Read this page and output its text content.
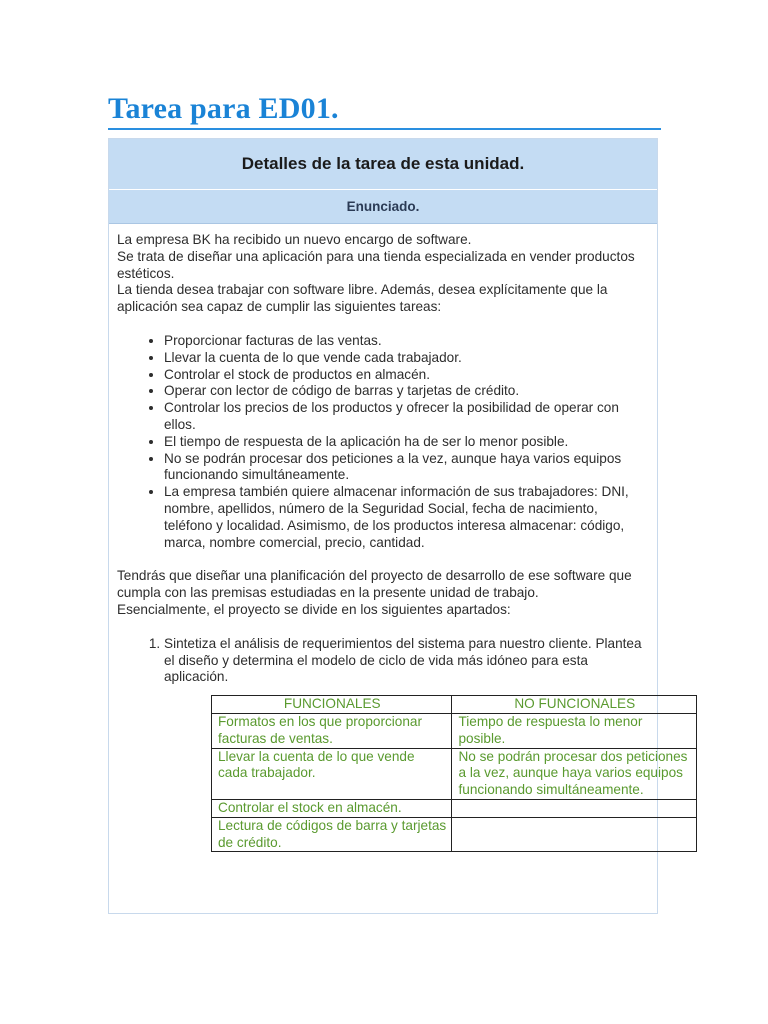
Tarea para ED01.
Detalles de la tarea de esta unidad.
Enunciado.

La empresa BK ha recibido un nuevo encargo de software.

Se trata de diseñar una aplicación para una tienda especializada en vender productos estéticos.

La tienda desea trabajar con software libre. Además, desea explícitamente que la aplicación sea capaz de cumplir las siguientes tareas:

• Proporcionar facturas de las ventas.
• Llevar la cuenta de lo que vende cada trabajador.
• Controlar el stock de productos en almacén.
• Operar con lector de código de barras y tarjetas de crédito.
• Controlar los precios de los productos y ofrecer la posibilidad de operar con ellos.
• El tiempo de respuesta de la aplicación ha de ser lo menor posible.
• No se podrán procesar dos peticiones a la vez, aunque haya varios equipos funcionando simultáneamente.
• La empresa también quiere almacenar información de sus trabajadores: DNI, nombre, apellidos, número de la Seguridad Social, fecha de nacimiento, teléfono y localidad. Asimismo, de los productos interesa almacenar: código, marca, nombre comercial, precio, cantidad.

Tendrás que diseñar una planificación del proyecto de desarrollo de ese software que cumpla con las premisas estudiadas en la presente unidad de trabajo.

Esencialmente, el proyecto se divide en los siguientes apartados:

1. Sintetiza el análisis de requerimientos del sistema para nuestro cliente. Plantea el diseño y determina el modelo de ciclo de vida más idóneo para esta aplicación.
FUNCIONALES	NO FUNCIONALES
Formatos en los que proporcionar facturas de ventas.	Tiempo de respuesta lo menor posible.
Llevar la cuenta de lo que vende cada trabajador.	No se podrán procesar dos peticiones a la vez, aunque haya varios equipos funcionando simultáneamente.
Controlar el stock en almacén.	
Lectura de códigos de barra y tarjetas de crédito.	
